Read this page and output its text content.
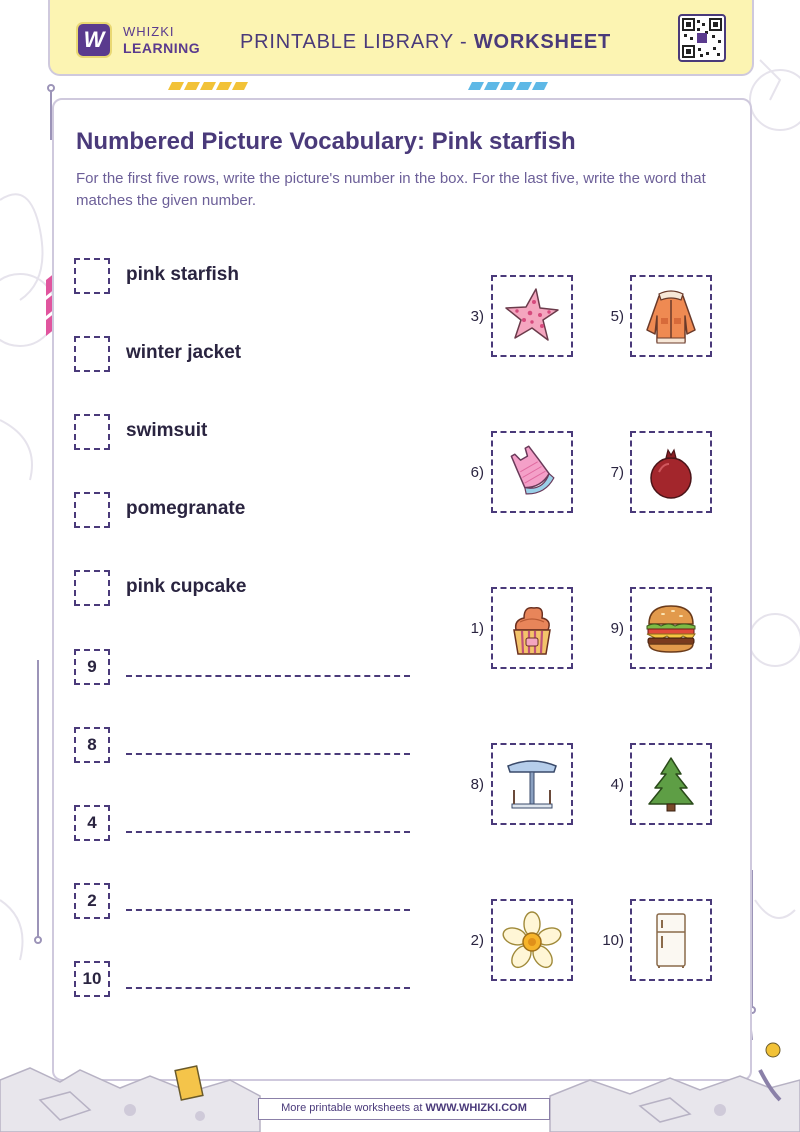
W	WHIZKI
LEARNING PRINTABLE LIBRARY - WORKSHEET
Numbered Picture Vocabulary: Pink starfish
For the first five rows, write the picture's number in the box. For the last five, write the word that matches the given number.
pink starfish
winter jacket
swimsuit
pomegranate
pink cupcake
9
8
4
2
10
3)	5)
6)	7)
1)	9)
8)	4)
2)	10)
More printable worksheets at WWW.WHIZKI.COM
